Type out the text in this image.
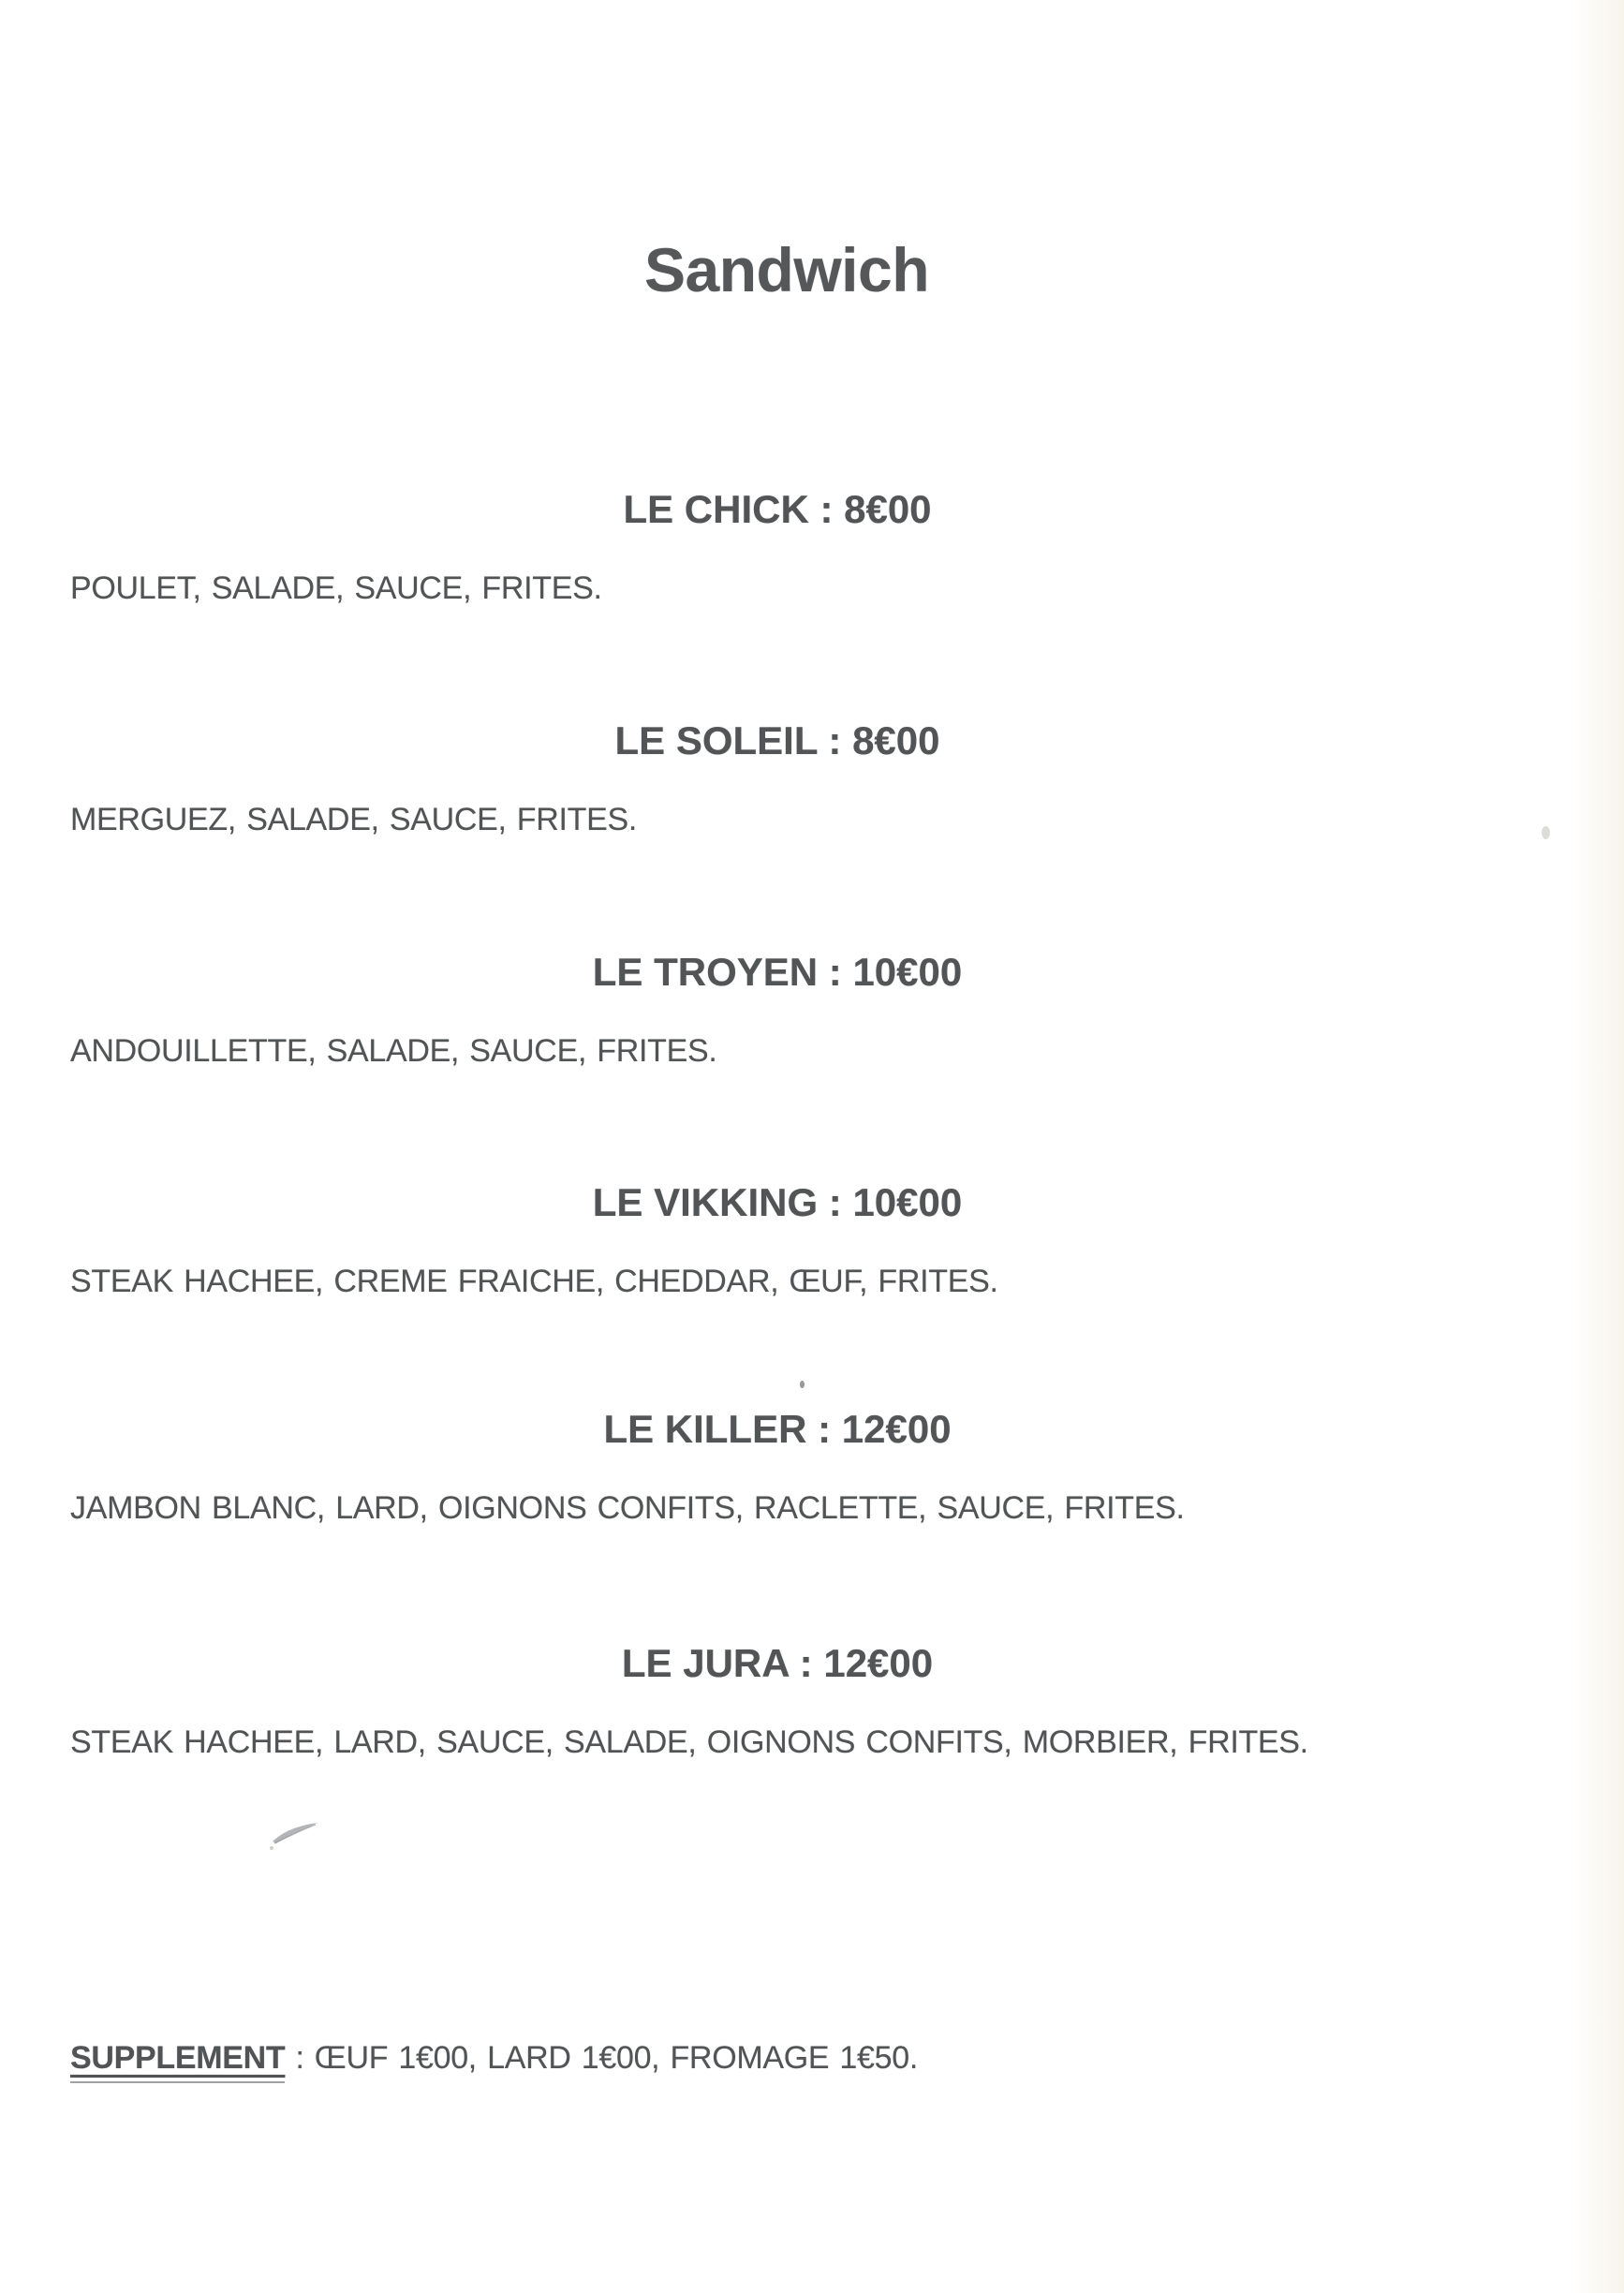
Sandwich
LE CHICK : 8€00

POULET, SALADE, SAUCE, FRITES.

LE SOLEIL : 8€00

MERGUEZ, SALADE, SAUCE, FRITES.

LE TROYEN : 10€00

ANDOUILLETTE, SALADE, SAUCE, FRITES.

LE VIKKING : 10€00

STEAK HACHEE, CREME FRAICHE, CHEDDAR, ŒUF, FRITES.

LE KILLER : 12€00

JAMBON BLANC, LARD, OIGNONS CONFITS, RACLETTE, SAUCE, FRITES.

LE JURA : 12€00

STEAK HACHEE, LARD, SAUCE, SALADE, OIGNONS CONFITS, MORBIER, FRITES.

SUPPLEMENT : ŒUF 1€00, LARD 1€00, FROMAGE 1€50.
